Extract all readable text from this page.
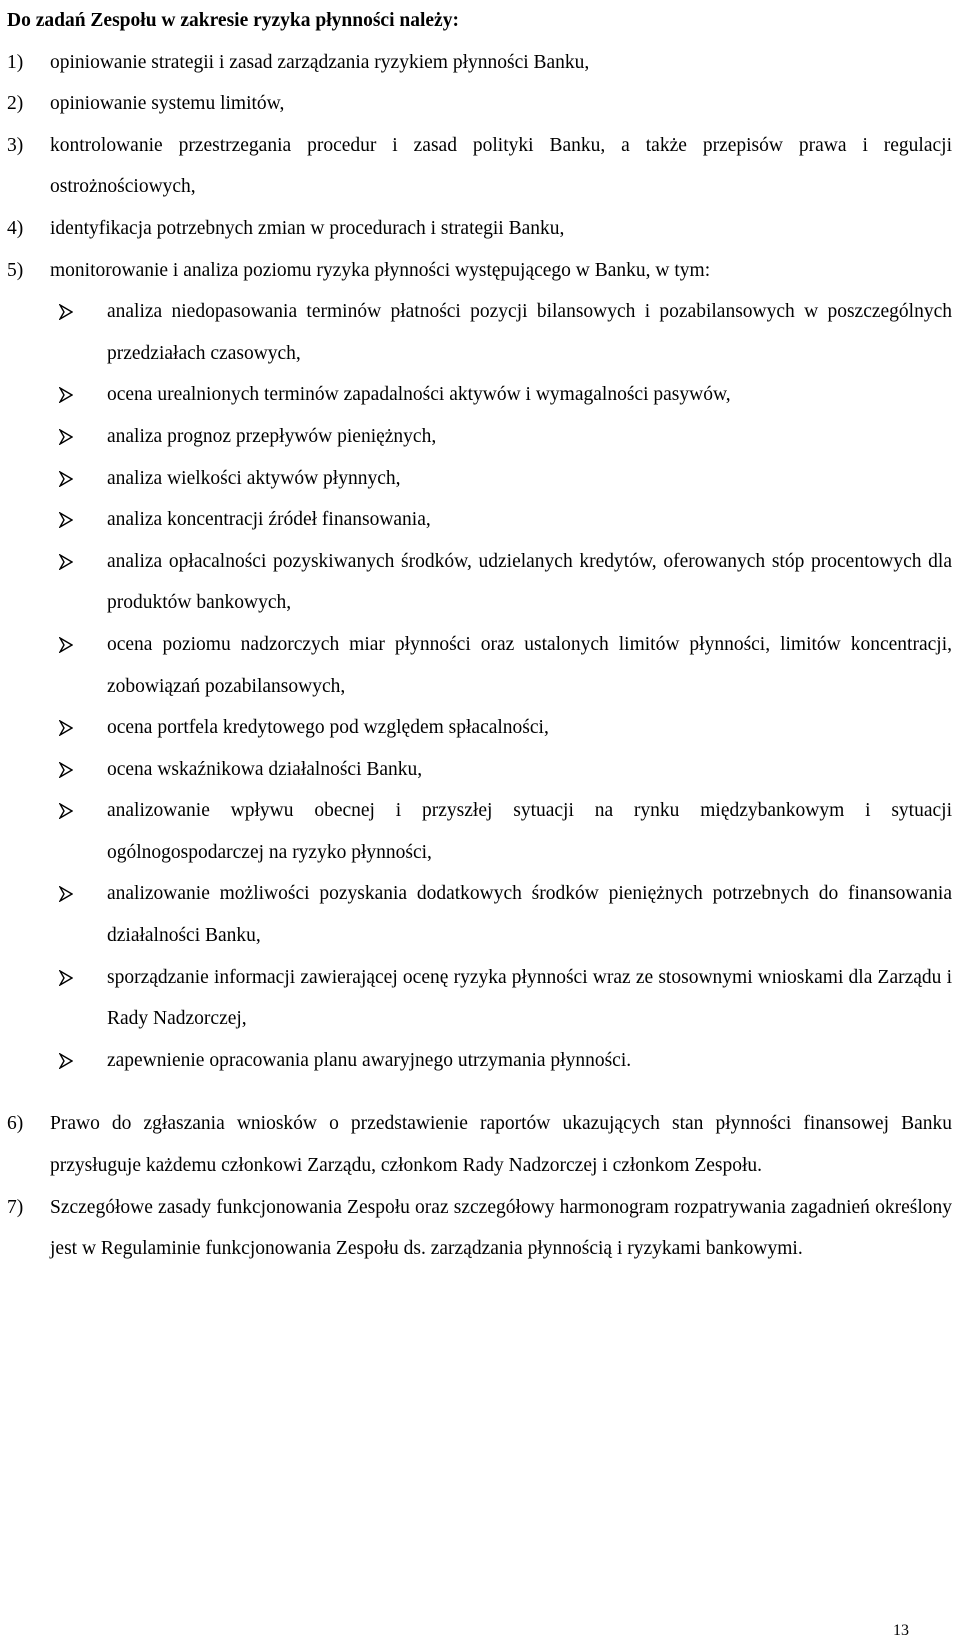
Do zadań Zespołu w zakresie ryzyka płynności należy:
1)	opiniowanie strategii i zasad zarządzania ryzykiem płynności Banku,
2)	opiniowanie systemu limitów,
3)	kontrolowanie przestrzegania procedur i zasad polityki Banku, a także przepisów prawa i regulacji ostrożnościowych,
4)	identyfikacja potrzebnych zmian w procedurach i strategii Banku,
5)	monitorowanie i analiza poziomu ryzyka płynności występującego w Banku, w tym:
analiza niedopasowania terminów płatności pozycji bilansowych i pozabilansowych w poszczególnych przedziałach czasowych,
ocena urealnionych terminów zapadalności aktywów i wymagalności pasywów,
analiza prognoz przepływów pieniężnych,
analiza wielkości aktywów płynnych,
analiza koncentracji źródeł finansowania,
analiza opłacalności pozyskiwanych środków, udzielanych kredytów, oferowanych stóp procentowych dla produktów bankowych,
ocena poziomu nadzorczych miar płynności oraz ustalonych limitów płynności, limitów koncentracji, zobowiązań pozabilansowych,
ocena portfela kredytowego pod względem spłacalności,
ocena wskaźnikowa działalności Banku,
analizowanie wpływu obecnej i przyszłej sytuacji na rynku międzybankowym i sytuacji ogólnogospodarczej na ryzyko płynności,
analizowanie możliwości pozyskania dodatkowych środków pieniężnych potrzebnych do finansowania działalności Banku,
sporządzanie informacji zawierającej ocenę ryzyka płynności wraz ze stosownymi wnioskami dla Zarządu i Rady Nadzorczej,
zapewnienie opracowania planu awaryjnego utrzymania płynności.
6)	Prawo do zgłaszania wniosków o przedstawienie raportów ukazujących stan płynności finansowej Banku przysługuje każdemu członkowi Zarządu, członkom Rady Nadzorczej i członkom Zespołu.
7)	Szczegółowe zasady funkcjonowania Zespołu oraz szczegółowy harmonogram rozpatrywania zagadnień określony jest w Regulaminie funkcjonowania Zespołu ds. zarządzania płynnością i ryzykami bankowymi.
13
